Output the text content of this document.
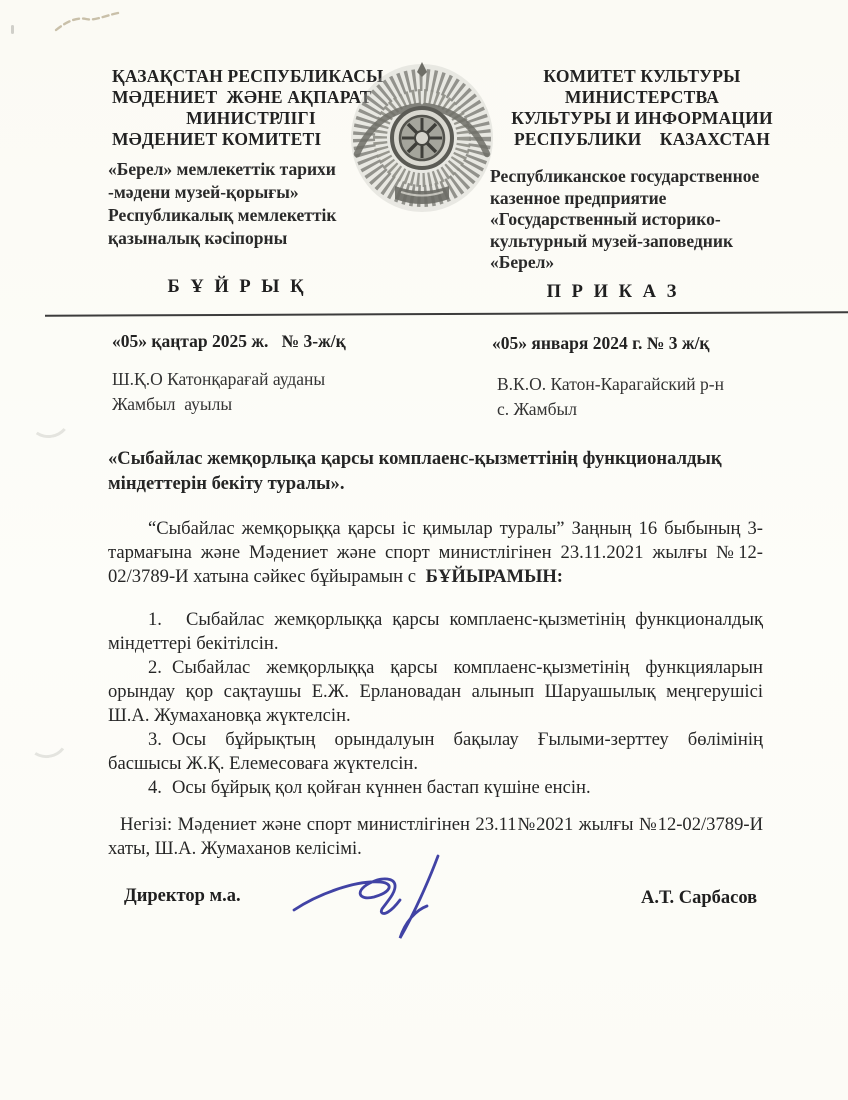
ҚАЗАҚСТАН РЕСПУБЛИКАСЫ
МӘДЕНИЕТ  ЖӘНЕ АҚПАРАТ
МИНИСТРЛІГІ
МӘДЕНИЕТ КОМИТЕТІ
КОМИТЕТ КУЛЬТУРЫ
МИНИСТЕРСТВА
КУЛЬТУРЫ И ИНФОРМАЦИИ
РЕСПУБЛИКИ    КАЗАХСТАН
«Берел» мемлекеттік тарихи
-мәдени музей-қорығы»
Республикалық мемлекеттік
қазыналық кәсіпорны
Республиканское государственное
казенное предприятие
«Государственный историко-
культурный музей-заповедник
«Берел»
Б Ұ Й Р Ы Қ	П Р И К А З
«05» қаңтар 2025 ж.   № 3-ж/қ	«05» января 2024 г. № 3 ж/қ
Ш.Қ.О Катонқарағай ауданы
Жамбыл  ауылы
В.К.О. Катон-Карагайский р-н
с. Жамбыл

«Сыбайлас жемқорлықа қарсы комплаенс-қызметтінің функционалдық міндеттерін бекіту туралы».

“Сыбайлас жемқорыққа қарсы іс қимылар туралы” Заңның 16 быбының 3-тармағына және Мәдениет және спорт министлігінен 23.11.2021 жылғы №12-02/3789-И хатына сәйкес бұйырамын с БҰЙЫРАМЫН:

1. Сыбайлас жемқорлыққа қарсы комплаенс-қызметінің функционалдық міндеттері бекітілсін.

2. Сыбайлас жемқорлыққа қарсы комплаенс-қызметінің функцияларын орындау қор сақтаушы Е.Ж. Ерлановадан алынып Шаруашылық меңгерушісі Ш.А. Жумахановқа жүктелсін.

3. Осы бұйрықтың орындалуын бақылау Ғылыми-зерттеу бөлімінің басшысы Ж.Қ. Елемесоваға жүктелсін.

4. Осы бұйрық қол қойған күннен бастап күшіне енсін.

Негізі: Мәдениет және спорт министлігінен 23.11№2021 жылғы №12-02/3789-И хаты, Ш.А. Жумаханов келісімі.

Директор м.а.	А.Т. Сарбасов
